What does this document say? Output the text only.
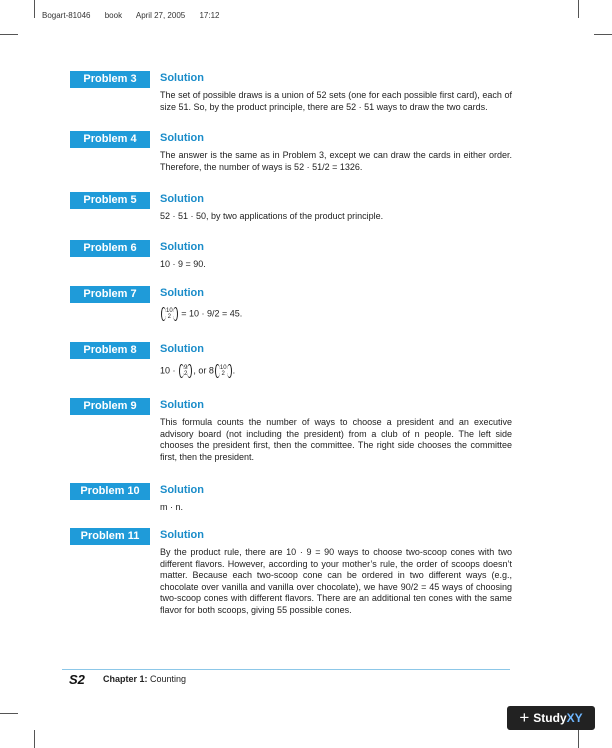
Bogart-81046 book April 27, 2005 17:12
Problem 3	Solution
The set of possible draws is a union of 52 sets (one for each possible first card), each of size 51. So, by the product principle, there are 52 · 51 ways to draw the two cards.
Problem 4	Solution
The answer is the same as in Problem 3, except we can draw the cards in either order. Therefore, the number of ways is 52 · 51/2 = 1326.
Problem 5	Solution
52 · 51 · 50, by two applications of the product principle.
Problem 6	Solution
10 · 9 = 90.
Problem 7	Solution
10
2 = 10 · 9/2 = 45.
Problem 8	Solution
10 · 9
2 , or 8 10
2 .
Problem 9	Solution
This formula counts the number of ways to choose a president and an executive advisory board (not including the president) from a club of n people. The left side chooses the president first, then the committee. The right side chooses the committee first, then the president.
Problem 10	Solution
m · n.
Problem 11	Solution
By the product rule, there are 10 · 9 = 90 ways to choose two-scoop cones with two different flavors. However, according to your mother’s rule, the order of scoops doesn’t matter. Because each two-scoop cone can be ordered in two different ways (e.g., chocolate over vanilla and vanilla over chocolate), we have 90/2 = 45 ways of choosing two-scoop cones with different flavors. There are an additional ten cones with the same flavor for both scoops, giving 55 possible cones.
S2 Chapter 1: Counting
+ Study XY
